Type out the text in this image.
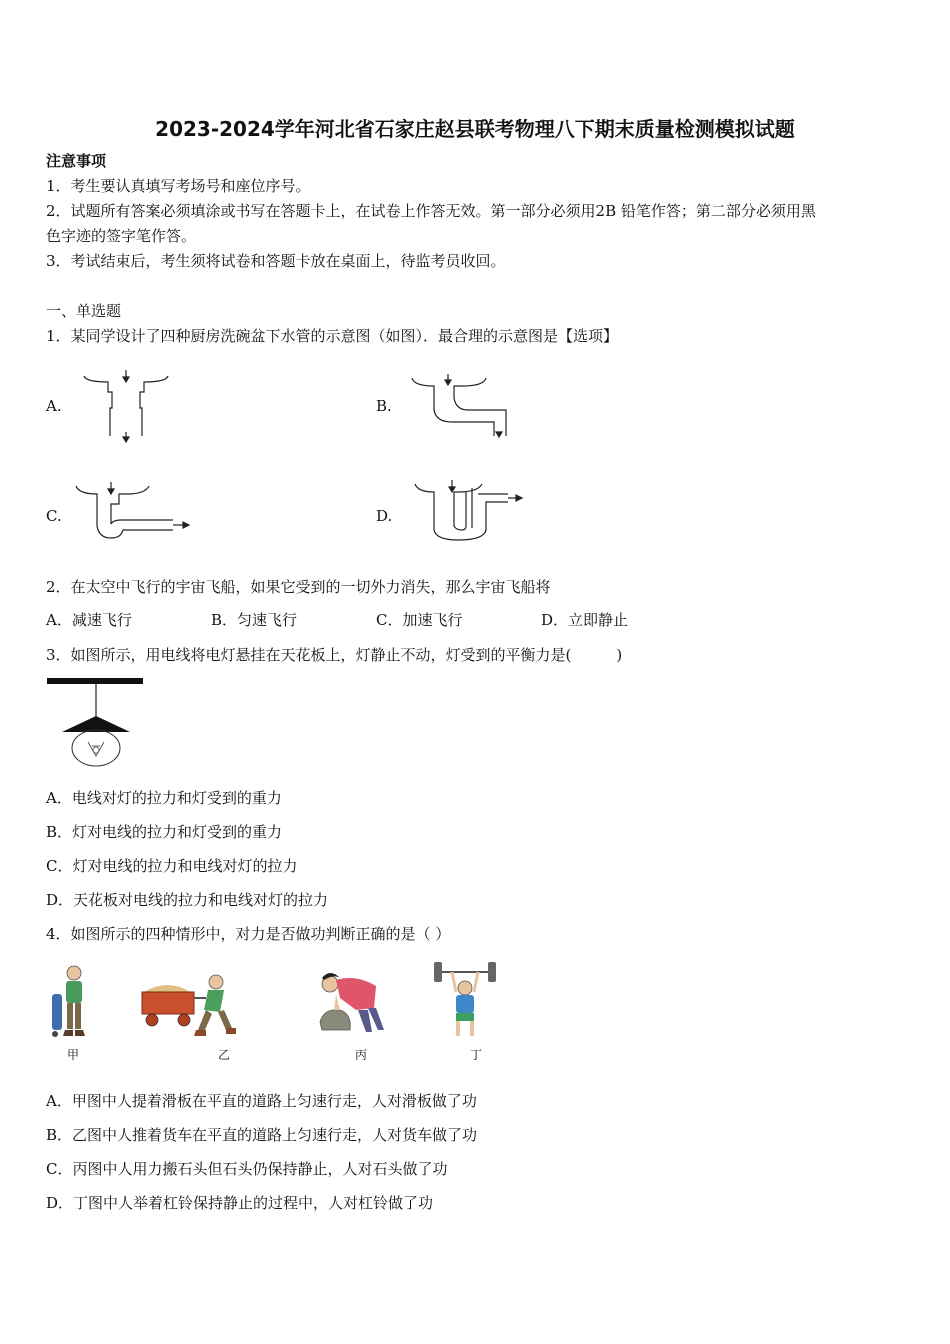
2023-2024学年河北省石家庄赵县联考物理八下期末质量检测模拟试题
注意事项
1．考生要认真填写考场号和座位序号。
2．试题所有答案必须填涂或书写在答题卡上，在试卷上作答无效。第一部分必须用2B 铅笔作答；第二部分必须用黑
色字迹的签字笔作答。
3．考试结束后，考生须将试卷和答题卡放在桌面上，待监考员收回。
一、单选题
1．某同学设计了四种厨房洗碗盆下水管的示意图（如图）．最合理的示意图是【选项】
A.	B.
C.	D.
2．在太空中飞行的宇宙飞船，如果它受到的一切外力消失，那么宇宙飞船将
A．减速飞行	B．匀速飞行	C．加速飞行	D．立即静止
3．如图所示，用电线将电灯悬挂在天花板上，灯静止不动，灯受到的平衡力是(　　　)
A．电线对灯的拉力和灯受到的重力
B．灯对电线的拉力和灯受到的重力
C．灯对电线的拉力和电线对灯的拉力
D．天花板对电线的拉力和电线对灯的拉力
4．如图所示的四种情形中，对力是否做功判断正确的是（ ）
甲	乙	丙	丁
A．甲图中人提着滑板在平直的道路上匀速行走，人对滑板做了功
B．乙图中人推着货车在平直的道路上匀速行走，人对货车做了功
C．丙图中人用力搬石头但石头仍保持静止，人对石头做了功
D．丁图中人举着杠铃保持静止的过程中，人对杠铃做了功
